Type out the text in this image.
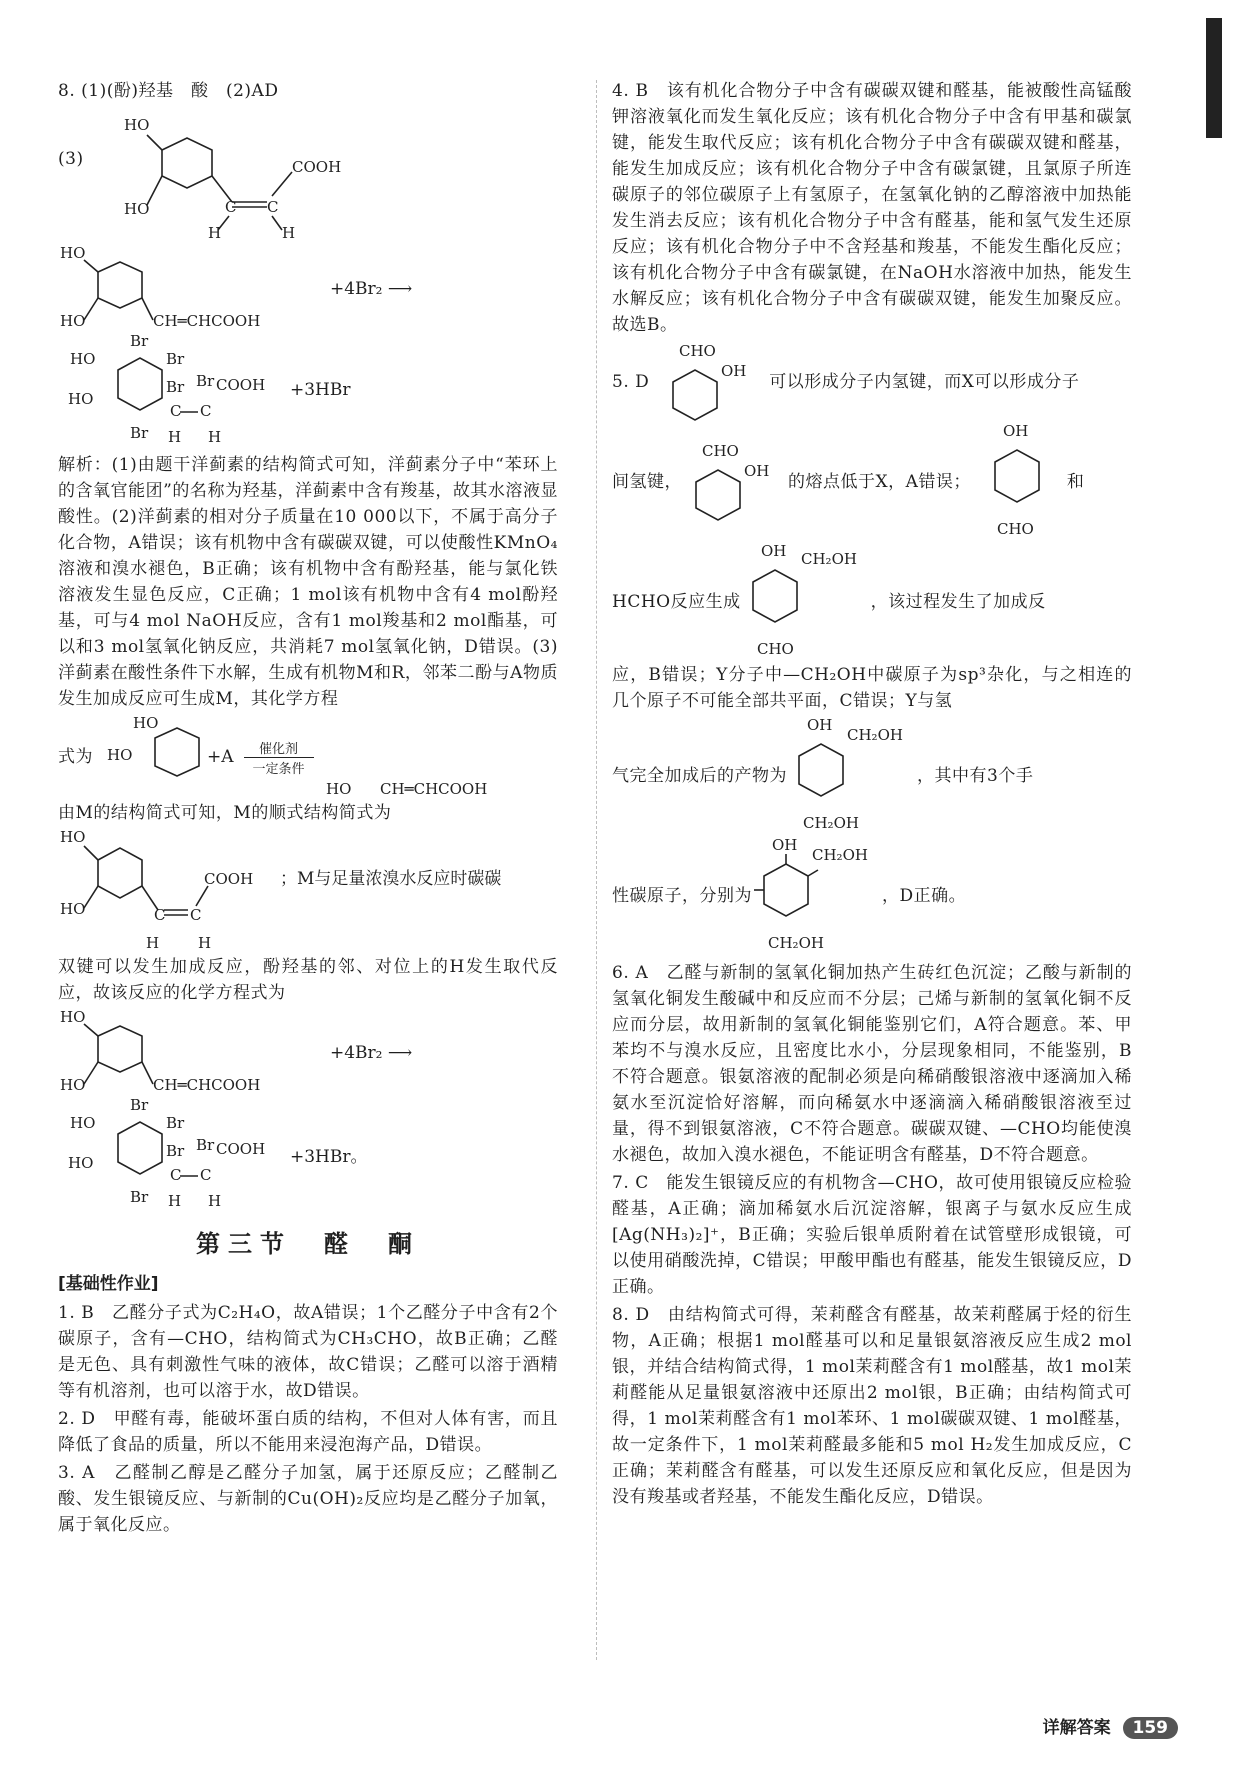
8. (1)(酚)羟基　酸　(2)AD

(3)
HO
HO	C C
COOH
H	H
HO
HO	CH═CHCOOH
+4Br₂ ⟶
HO
HO
Br
Br
Br
Br Br COOH
C C
H H
+3HBr

解析：(1)由题干洋蓟素的结构简式可知，洋蓟素分子中“苯环上的含氧官能团”的名称为羟基，洋蓟素中含有羧基，故其水溶液显酸性。(2)洋蓟素的相对分子质量在10 000以下，不属于高分子化合物，A错误；该有机物中含有碳碳双键，可以使酸性KMnO₄溶液和溴水褪色，B正确；该有机物中含有酚羟基，能与氯化铁溶液发生显色反应，C正确；1 mol该有机物中含有4 mol酚羟基，可与4 mol NaOH反应，含有1 mol羧基和2 mol酯基，可以和3 mol氢氧化钠反应，共消耗7 mol氢氧化钠，D错误。(3)洋蓟素在酸性条件下水解，生成有机物M和R，邻苯二酚与A物质发生加成反应可生成M，其化学方程

式为
HO
HO	+A 催化剂
一定条件
HO CH═CHCOOH

由M的结构简式可知，M的顺式结构简式为

HO
HO	C C
COOH
H	H
；M与足量浓溴水反应时碳碳

双键可以发生加成反应，酚羟基的邻、对位上的H发生取代反应，故该反应的化学方程式为

HO
HO	CH═CHCOOH
+4Br₂ ⟶
HO
HO
Br
Br
Br
Br Br COOH
C C
H H
+3HBr。
第三节　醛　酮
[基础性作业]

1. B　乙醛分子式为C₂H₄O，故A错误；1个乙醛分子中含有2个碳原子，含有—CHO，结构简式为CH₃CHO，故B正确；乙醛是无色、具有刺激性气味的液体，故C错误；乙醛可以溶于酒精等有机溶剂，也可以溶于水，故D错误。

2. D　甲醛有毒，能破坏蛋白质的结构，不但对人体有害，而且降低了食品的质量，所以不能用来浸泡海产品，D错误。

3. A　乙醛制乙醇是乙醛分子加氢，属于还原反应；乙醛制乙酸、发生银镜反应、与新制的Cu(OH)₂反应均是乙醛分子加氧，属于氧化反应。

4. B　该有机化合物分子中含有碳碳双键和醛基，能被酸性高锰酸钾溶液氧化而发生氧化反应；该有机化合物分子中含有甲基和碳氯键，能发生取代反应；该有机化合物分子中含有碳碳双键和醛基，能发生加成反应；该有机化合物分子中含有碳氯键，且氯原子所连碳原子的邻位碳原子上有氢原子，在氢氧化钠的乙醇溶液中加热能发生消去反应；该有机化合物分子中含有醛基，能和氢气发生还原反应；该有机化合物分子中不含羟基和羧基，不能发生酯化反应；该有机化合物分子中含有碳氯键，在NaOH水溶液中加热，能发生水解反应；该有机化合物分子中含有碳碳双键，能发生加聚反应。故选B。

5. D
CHO
OH
可以形成分子内氢键，而X可以形成分子
间氢键，
CHO
OH
的熔点低于X，A错误；
OH
CHO
和
HCHO反应生成
OH CH₂OH
CHO
，该过程发生了加成反

应，B错误；Y分子中—CH₂OH中碳原子为sp³杂化，与之相连的几个原子不可能全部共平面，C错误；Y与氢

气完全加成后的产物为
OH
CH₂OH
CH₂OH
，其中有3个手
性碳原子，分别为
OH
CH₂OH
CH₂OH
，D正确。

6. A　乙醛与新制的氢氧化铜加热产生砖红色沉淀；乙酸与新制的氢氧化铜发生酸碱中和反应而不分层；己烯与新制的氢氧化铜不反应而分层，故用新制的氢氧化铜能鉴别它们，A符合题意。苯、甲苯均不与溴水反应，且密度比水小，分层现象相同，不能鉴别，B不符合题意。银氨溶液的配制必须是向稀硝酸银溶液中逐滴加入稀氨水至沉淀恰好溶解，而向稀氨水中逐滴滴入稀硝酸银溶液至过量，得不到银氨溶液，C不符合题意。碳碳双键、—CHO均能使溴水褪色，故加入溴水褪色，不能证明含有醛基，D不符合题意。

7. C　能发生银镜反应的有机物含—CHO，故可使用银镜反应检验醛基，A正确；滴加稀氨水后沉淀溶解，银离子与氨水反应生成[Ag(NH₃)₂]⁺，B正确；实验后银单质附着在试管壁形成银镜，可以使用硝酸洗掉，C错误；甲酸甲酯也有醛基，能发生银镜反应，D正确。

8. D　由结构简式可得，茉莉醛含有醛基，故茉莉醛属于烃的衍生物，A正确；根据1 mol醛基可以和足量银氨溶液反应生成2 mol银，并结合结构简式得，1 mol茉莉醛含有1 mol醛基，故1 mol茉莉醛能从足量银氨溶液中还原出2 mol银，B正确；由结构简式可得，1 mol茉莉醛含有1 mol苯环、1 mol碳碳双键、1 mol醛基，故一定条件下，1 mol茉莉醛最多能和5 mol H₂发生加成反应，C正确；茉莉醛含有醛基，可以发生还原反应和氧化反应，但是因为没有羧基或者羟基，不能发生酯化反应，D错误。

详解答案 159
